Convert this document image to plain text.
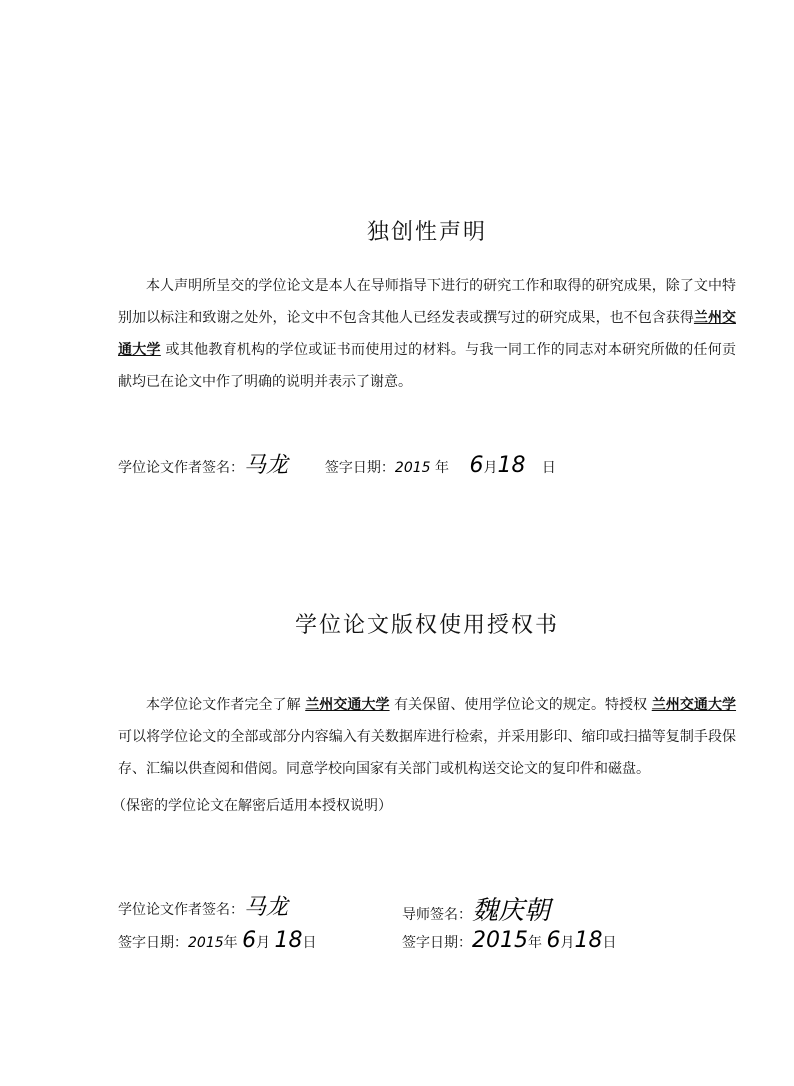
独创性声明
本人声明所呈交的学位论文是本人在导师指导下进行的研究工作和取得的研究成果，除了文中特别加以标注和致谢之处外，论文中不包含其他人已经发表或撰写过的研究成果，也不包含获得兰州交通大学 或其他教育机构的学位或证书而使用过的材料。与我一同工作的同志对本研究所做的任何贡献均已在论文中作了明确的说明并表示了谢意。
学位论文作者签名：马龙	签字日期：2015 年 6月18 日
学位论文版权使用授权书
本学位论文作者完全了解 兰州交通大学 有关保留、使用学位论文的规定。特授权 兰州交通大学 可以将学位论文的全部或部分内容编入有关数据库进行检索，并采用影印、缩印或扫描等复制手段保存、汇编以供查阅和借阅。同意学校向国家有关部门或机构送交论文的复印件和磁盘。
（保密的学位论文在解密后适用本授权说明）
学位论文作者签名：马龙	导师签名：魏庆朝
签字日期：2015年 6月 18日	签字日期：2015年 6月18日
